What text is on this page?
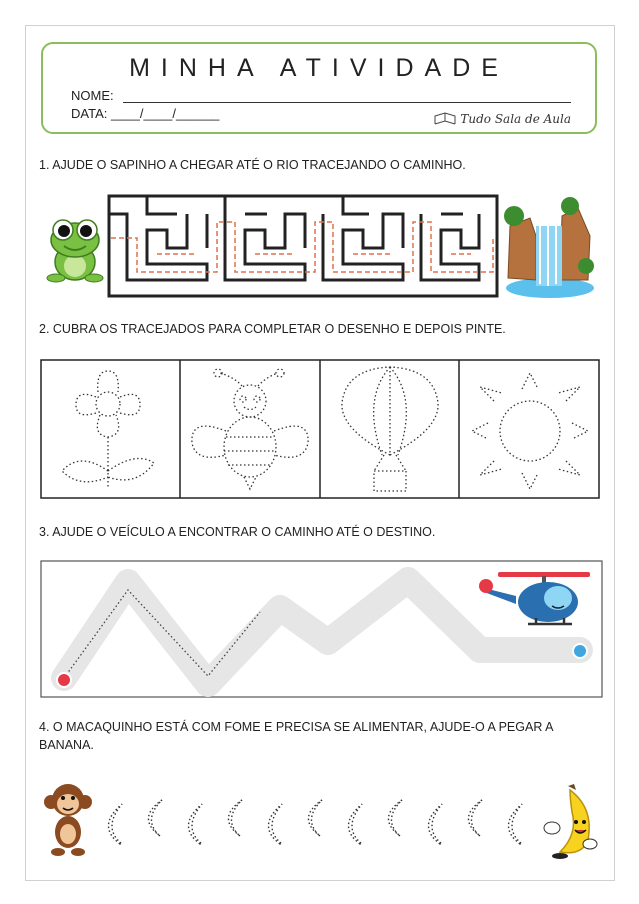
MINHA ATIVIDADE
NOME:
DATA: ____/____/______	Tudo Sala de Aula
1. AJUDE O SAPINHO A CHEGAR ATÉ O RIO TRACEJANDO O CAMINHO.
2. CUBRA OS TRACEJADOS PARA COMPLETAR O DESENHO E DEPOIS PINTE.
3. AJUDE O VEÍCULO A ENCONTRAR O CAMINHO ATÉ O DESTINO.
4. O MACAQUINHO ESTÁ COM FOME E PRECISA SE ALIMENTAR, AJUDE-O A PEGAR A BANANA.
